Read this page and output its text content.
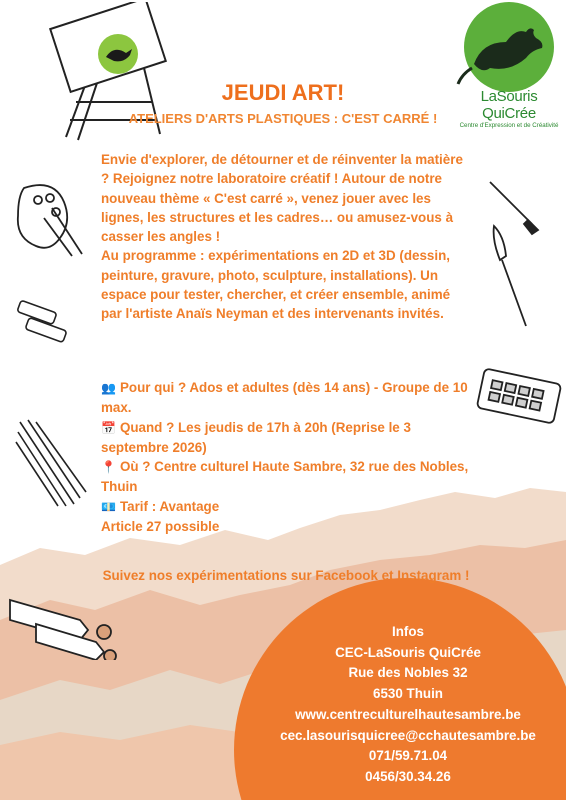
LaSouris QuiCrée
Centre d'Expression et de Créativité
JEUDI ART!
ATELIERS D'ARTS PLASTIQUES : C'EST CARRÉ !

Envie d'explorer, de détourner et de réinventer la matière ? Rejoignez notre laboratoire créatif ! Autour de notre nouveau thème « C'est carré », venez jouer avec les lignes, les structures et les cadres… ou amusez-vous à casser les angles !

Au programme : expérimentations en 2D et 3D (dessin, peinture, gravure, photo, sculpture, installations). Un espace pour tester, chercher, et créer ensemble, animé par l'artiste Anaïs Neyman et des intervenants invités.

👥 Pour qui ? Ados et adultes (dès 14 ans) - Groupe de 10 max.
📅 Quand ? Les jeudis de 17h à 20h (Reprise le 3 septembre 2026)
📍 Où ? Centre culturel Haute Sambre, 32 rue des Nobles, Thuin
💶 Tarif : Avantage
Article 27 possible
Suivez nos expérimentations sur Facebook et Instagram !
Infos
CEC-LaSouris QuiCrée
Rue des Nobles 32
6530 Thuin
www.centreculturelhautesambre.be
cec.lasourisquicree@cchautesambre.be
071/59.71.04
0456/30.34.26
